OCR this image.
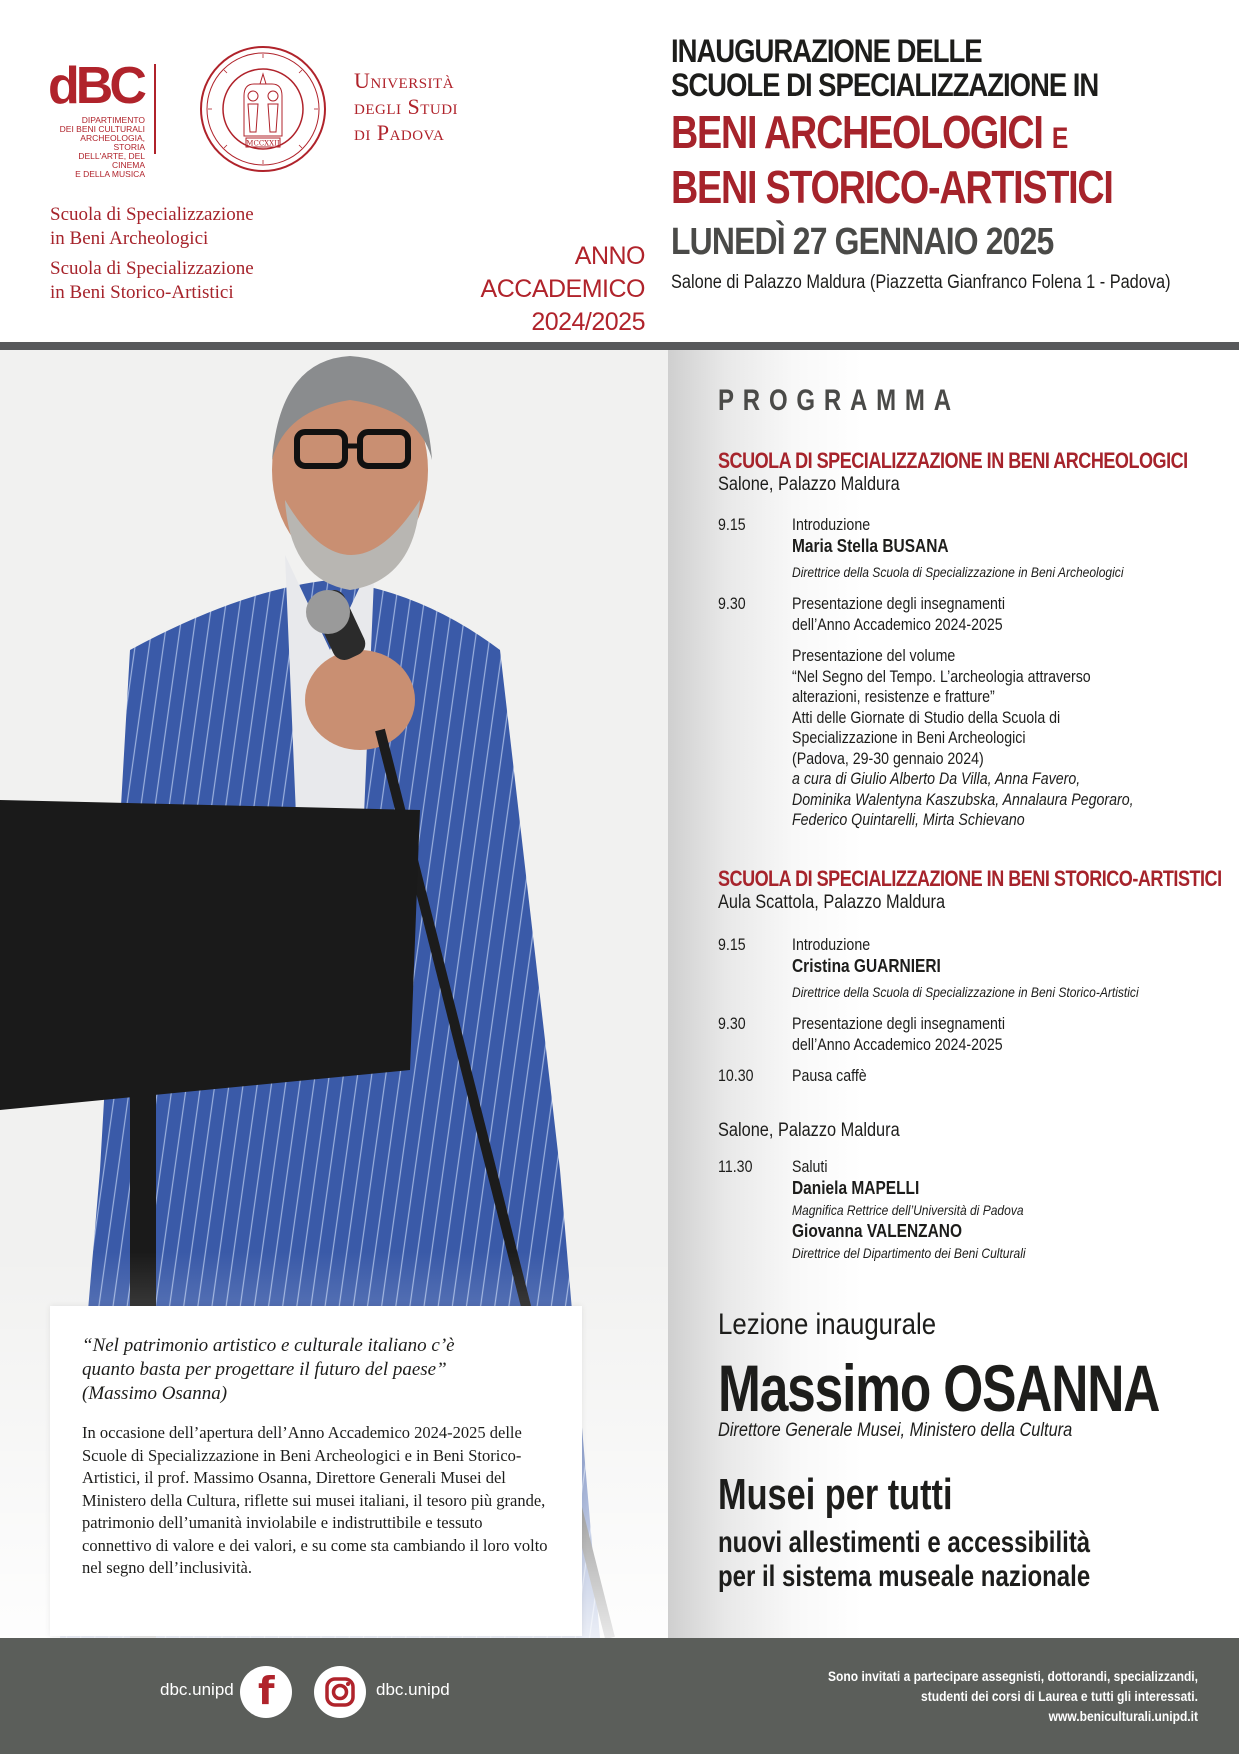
dBC
DIPARTIMENTO
DEI BENI CULTURALI
ARCHEOLOGIA, STORIA
DELL'ARTE, DEL CINEMA
E DELLA MUSICA
MCCXXII
Università
degli Studi
di Padova
Scuola di Specializzazione
in Beni Archeologici
Scuola di Specializzazione
in Beni Storico-Artistici
ANNO ACCADEMICO
2024/2025
INAUGURAZIONE DELLE
SCUOLE DI SPECIALIZZAZIONE IN
BENI ARCHEOLOGICI E
BENI STORICO-ARTISTICI
LUNEDÌ 27 GENNAIO 2025
Salone di Palazzo Maldura (Piazzetta Gianfranco Folena 1 - Padova)
“Nel patrimonio artistico e culturale italiano c’è
quanto basta per progettare il futuro del paese”
(Massimo Osanna)
In occasione dell’apertura dell’Anno Accademico 2024-2025 delle Scuole di Specializzazione in Beni Archeologici e in Beni Storico-Artistici, il prof. Massimo Osanna, Direttore Generali Musei del Ministero della Cultura, riflette sui musei italiani, il tesoro più grande, patrimonio dell’umanità inviolabile e indistruttibile e tessuto connettivo di valore e dei valori, e su come sta cambiando il loro volto nel segno dell’inclusività.
PROGRAMMA
SCUOLA DI SPECIALIZZAZIONE IN BENI ARCHEOLOGICI
Salone, Palazzo Maldura
9.15	Introduzione
Maria Stella BUSANA
Direttrice della Scuola di Specializzazione in Beni Archeologici
9.30	Presentazione degli insegnamenti
dell’Anno Accademico 2024-2025
Presentazione del volume
“Nel Segno del Tempo. L’archeologia attraverso
alterazioni, resistenze e fratture”
Atti delle Giornate di Studio della Scuola di
Specializzazione in Beni Archeologici
(Padova, 29-30 gennaio 2024)
a cura di Giulio Alberto Da Villa, Anna Favero,
Dominika Walentyna Kaszubska, Annalaura Pegoraro,
Federico Quintarelli, Mirta Schievano
SCUOLA DI SPECIALIZZAZIONE IN BENI STORICO-ARTISTICI
Aula Scattola, Palazzo Maldura
9.15	Introduzione
Cristina GUARNIERI
Direttrice della Scuola di Specializzazione in Beni Storico-Artistici
9.30	Presentazione degli insegnamenti
dell’Anno Accademico 2024-2025
10.30	Pausa caffè
Salone, Palazzo Maldura
11.30	Saluti
Daniela MAPELLI
Magnifica Rettrice dell’Università di Padova
Giovanna VALENZANO
Direttrice del Dipartimento dei Beni Culturali
Lezione inaugurale
Massimo OSANNA
Direttore Generale Musei, Ministero della Cultura
Musei per tutti
nuovi allestimenti e accessibilità
per il sistema museale nazionale
dbc.unipd f	dbc.unipd
Sono invitati a partecipare assegnisti, dottorandi, specializzandi,
studenti dei corsi di Laurea e tutti gli interessati.
www.beniculturali.unipd.it
